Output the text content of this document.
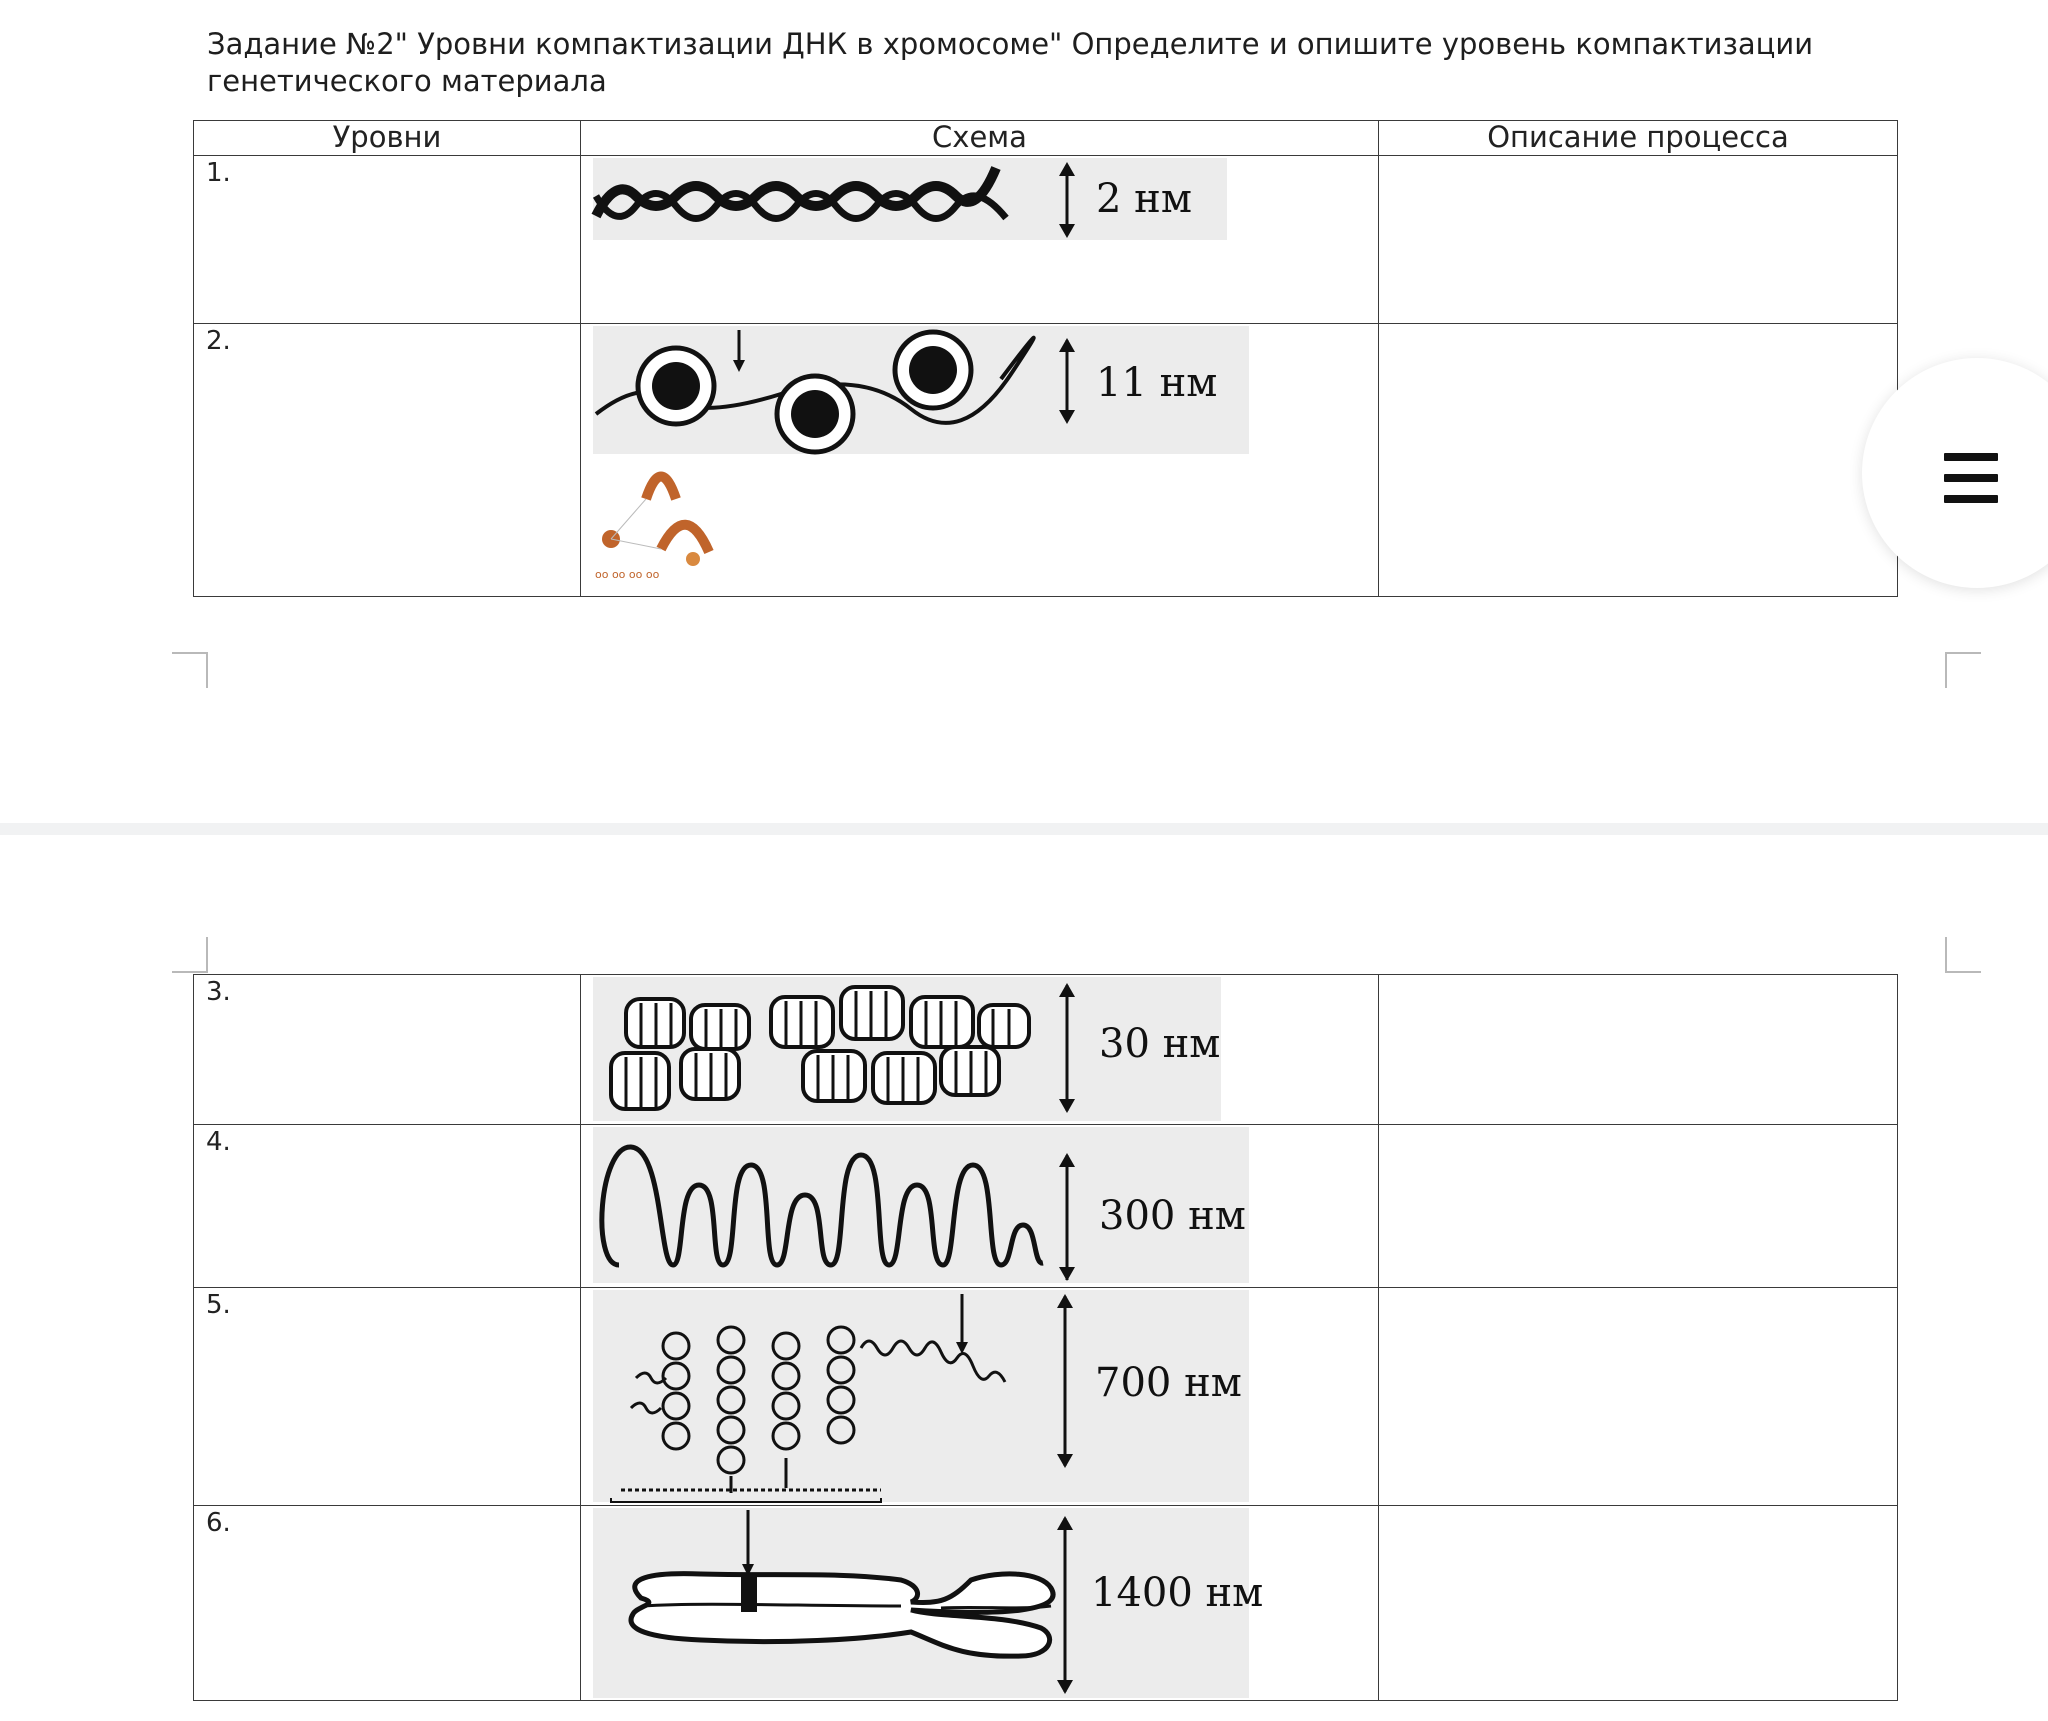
Задание №2" Уровни компактизации ДНК в хромосоме" Определите и опишите уровень компактизации генетического материала

Уровни	Схема	Описание процесса

1.	2 нм	

2.	11 нм
oo oo oo oo	

3.	30 нм	

4.	300 нм	

5.	700 нм	

6.	1400 нм	
